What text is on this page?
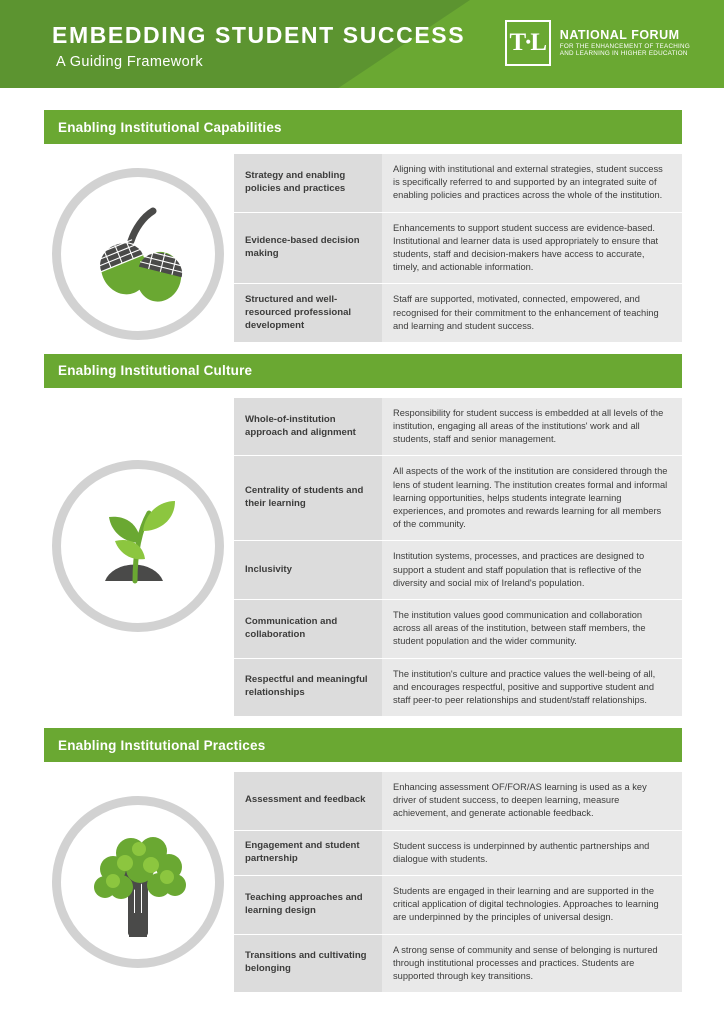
EMBEDDING STUDENT SUCCESS
A Guiding Framework
T∙L	NATIONAL FORUM
FOR THE ENHANCEMENT OF TEACHING
AND LEARNING IN HIGHER EDUCATION
Enabling Institutional Capabilities
Strategy and enabling policies and practices	Aligning with institutional and external strategies, student success is specifically referred to and supported by an integrated suite of enabling policies and practices across the whole of the institution.
Evidence-based decision making	Enhancements to support student success are evidence-based. Institutional and learner data is used appropriately to ensure that students, staff and decision-makers have access to accurate, timely, and actionable information.
Structured and well-resourced professional development	Staff are supported, motivated, connected, empowered, and recognised for their commitment to the enhancement of teaching and learning and student success.
Enabling Institutional Culture
Whole-of-institution approach and alignment	Responsibility for student success is embedded at all levels of the institution, engaging all areas of the institutions' work and all students, staff and senior management.
Centrality of students and their learning	All aspects of the work of the institution are considered through the lens of student learning. The institution creates formal and informal learning opportunities, helps students integrate learning experiences, and promotes and rewards learning for all members of the community.
Inclusivity	Institution systems, processes, and practices are designed to support a student and staff population that is reflective of the diversity and social mix of Ireland's population.
Communication and collaboration	The institution values good communication and collaboration across all areas of the institution, between staff members, the student population and the wider community.
Respectful and meaningful relationships	The institution's culture and practice values the well-being of all, and encourages respectful, positive and supportive student and staff peer-to peer relationships and student/staff relationships.
Enabling Institutional Practices
Assessment and feedback	Enhancing assessment OF/FOR/AS learning is used as a key driver of student success, to deepen learning, measure achievement, and generate actionable feedback.
Engagement and student partnership	Student success is underpinned by authentic partnerships and dialogue with students.
Teaching approaches and learning design	Students are engaged in their learning and are supported in the critical application of digital technologies. Approaches to learning are underpinned by the principles of universal design.
Transitions and cultivating belonging	A strong sense of community and sense of belonging is nurtured through institutional processes and practices. Students are supported through key transitions.
